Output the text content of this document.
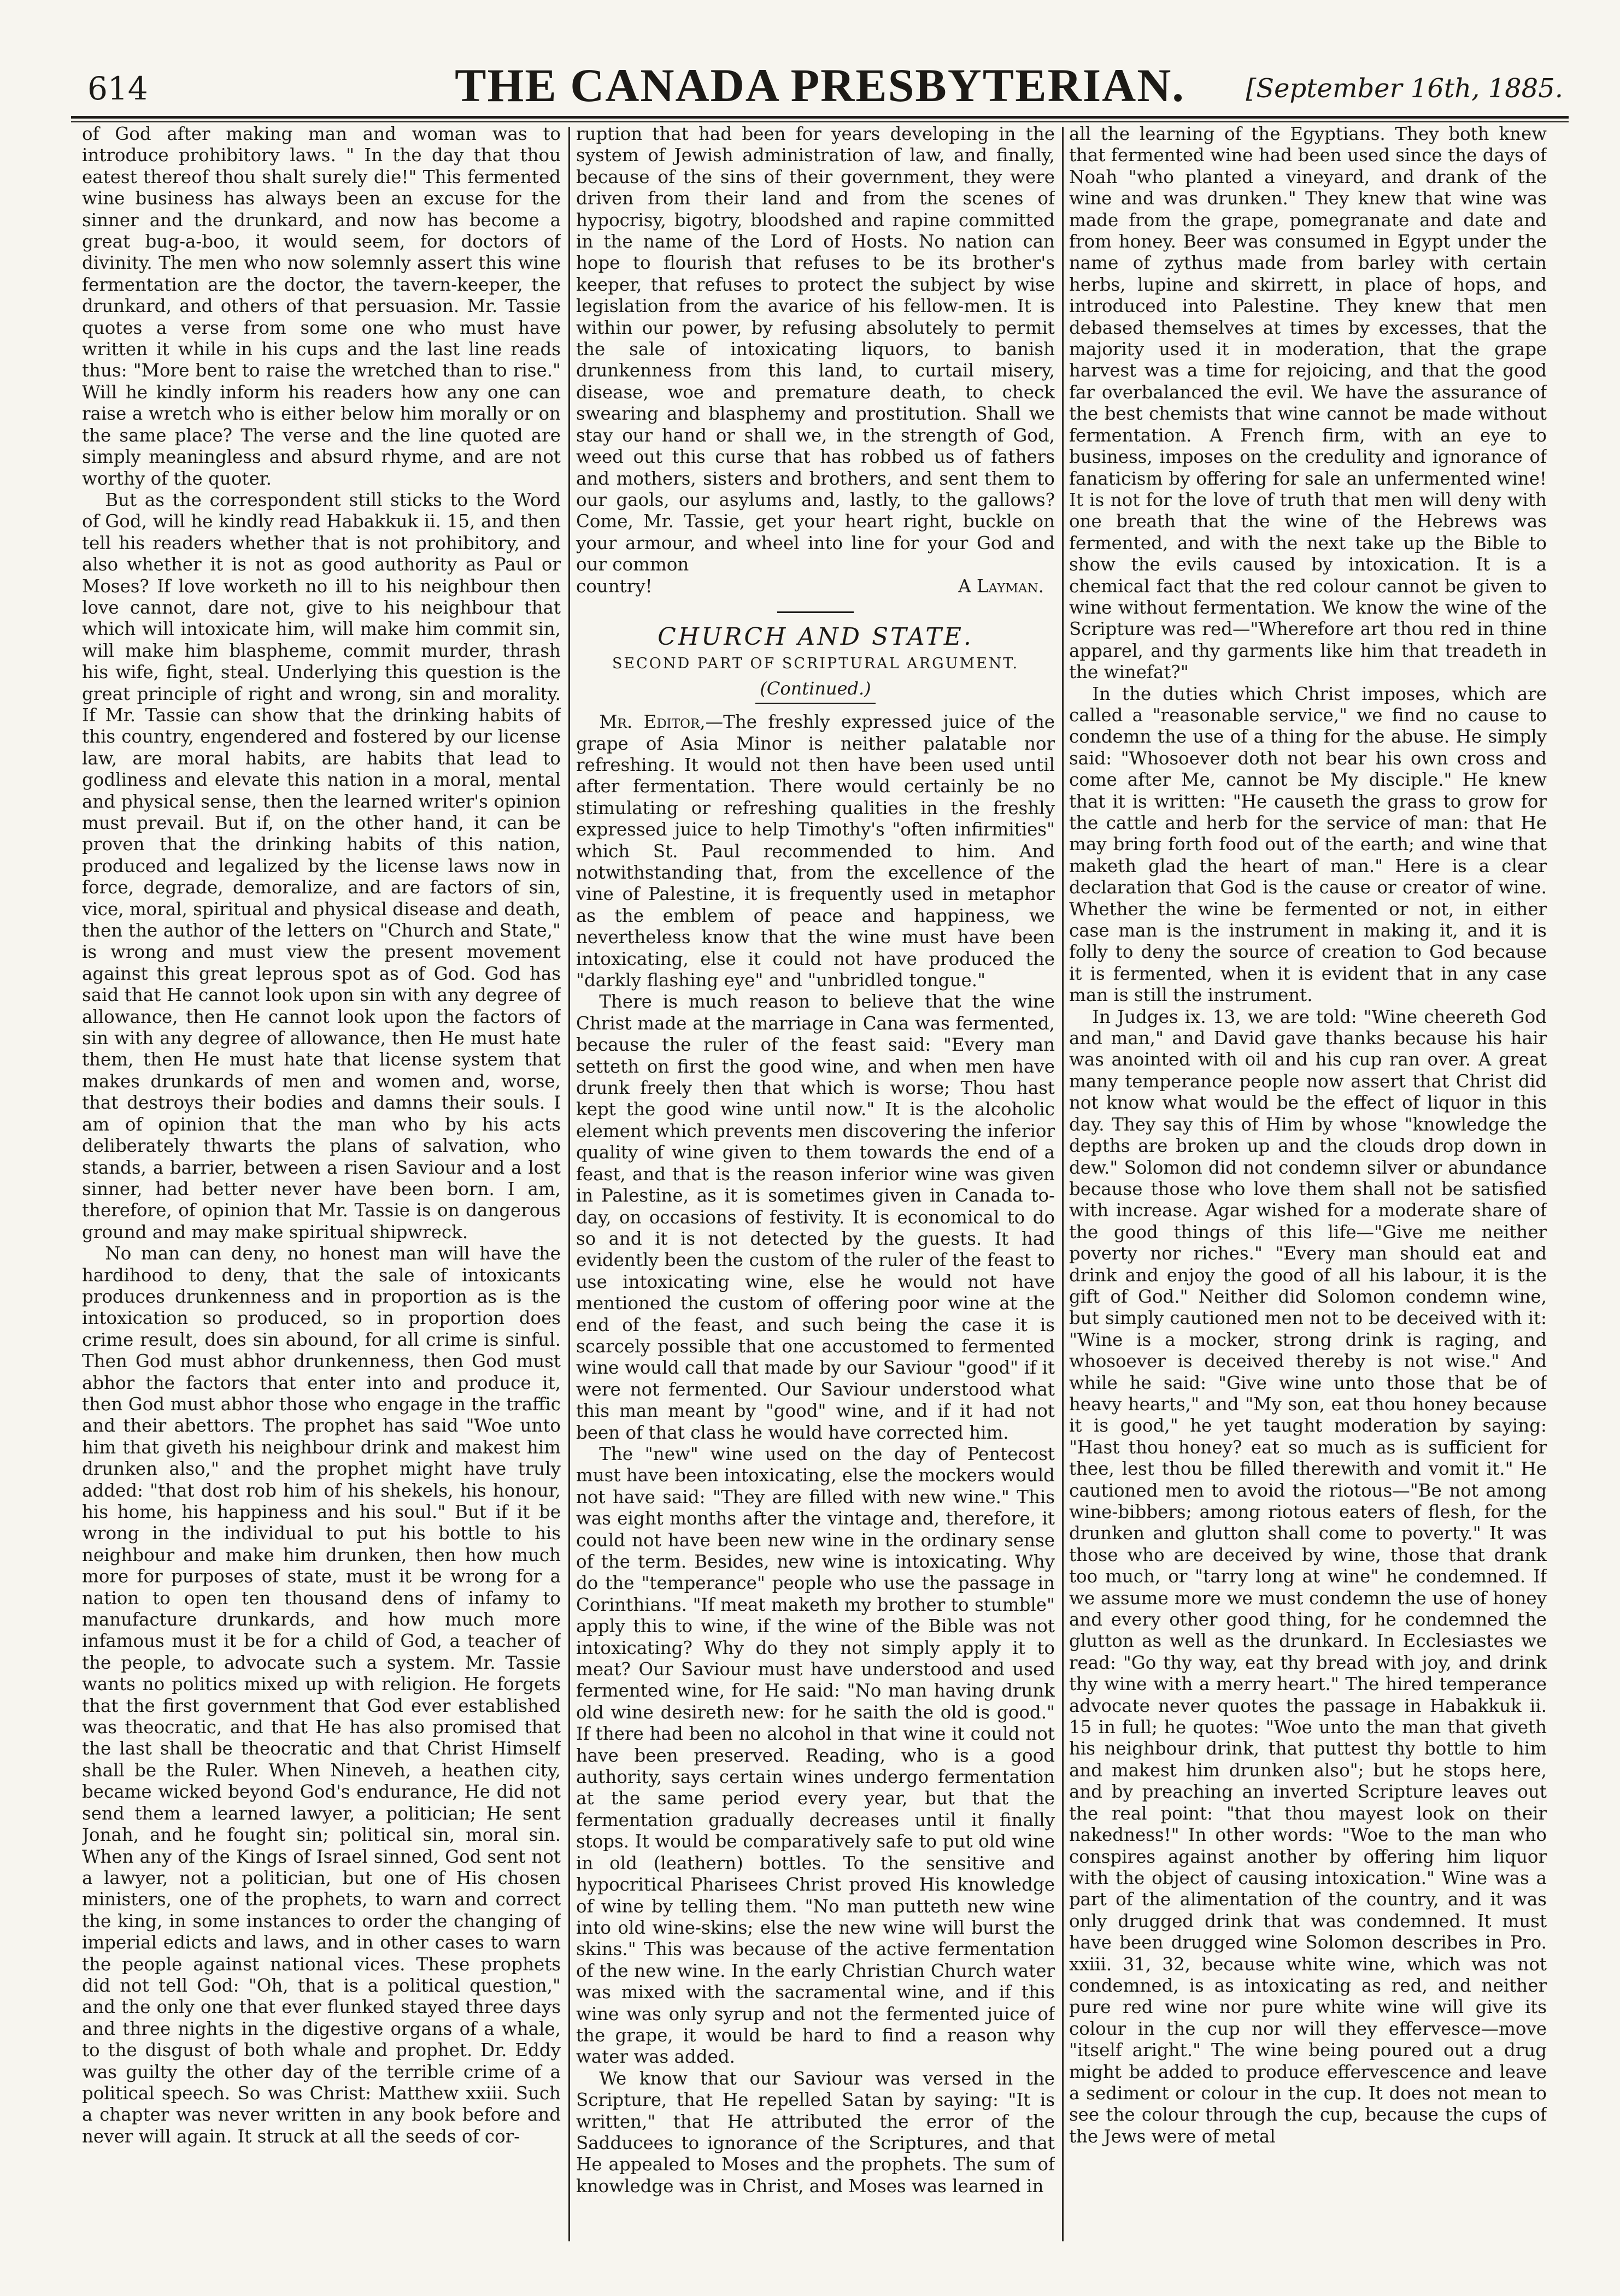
614	THE CANADA PRESBYTERIAN.	[September 16th, 1885.

of God after making man and woman was to introduce prohibitory laws. " In the day that thou eatest thereof thou shalt surely die!" This fermented wine business has always been an excuse for the sinner and the drunkard, and now has become a great bug-a-boo, it would seem, for doctors of divinity. The men who now solemnly assert this wine fermentation are the doctor, the tavern-keeper, the drunkard, and others of that persuasion. Mr. Tassie quotes a verse from some one who must have written it while in his cups and the last line reads thus: "More bent to raise the wretched than to rise." Will he kindly inform his readers how any one can raise a wretch who is either below him morally or on the same place? The verse and the line quoted are simply meaningless and absurd rhyme, and are not worthy of the quoter.

But as the correspondent still sticks to the Word of God, will he kindly read Habakkuk ii. 15, and then tell his readers whether that is not prohibitory, and also whether it is not as good authority as Paul or Moses? If love worketh no ill to his neighbour then love cannot, dare not, give to his neighbour that which will intoxicate him, will make him commit sin, will make him blaspheme, commit murder, thrash his wife, fight, steal. Underlying this question is the great principle of right and wrong, sin and morality. If Mr. Tassie can show that the drinking habits of this country, engendered and fostered by our license law, are moral habits, are habits that lead to godliness and elevate this nation in a moral, mental and physical sense, then the learned writer's opinion must prevail. But if, on the other hand, it can be proven that the drinking habits of this nation, produced and legalized by the license laws now in force, degrade, demoralize, and are factors of sin, vice, moral, spiritual and physical disease and death, then the author of the letters on "Church and State," is wrong and must view the present movement against this great leprous spot as of God. God has said that He cannot look upon sin with any degree of allowance, then He cannot look upon the factors of sin with any degree of allowance, then He must hate them, then He must hate that license system that makes drunkards of men and women and, worse, that destroys their bodies and damns their souls. I am of opinion that the man who by his acts deliberately thwarts the plans of salvation, who stands, a barrier, between a risen Saviour and a lost sinner, had better never have been born. I am, therefore, of opinion that Mr. Tassie is on dangerous ground and may make spiritual shipwreck.

No man can deny, no honest man will have the hardihood to deny, that the sale of intoxicants produces drunkenness and in proportion as is the intoxication so produced, so in proportion does crime result, does sin abound, for all crime is sinful. Then God must abhor drunkenness, then God must abhor the factors that enter into and produce it, then God must abhor those who engage in the traffic and their abettors. The prophet has said "Woe unto him that giveth his neighbour drink and makest him drunken also," and the prophet might have truly added: "that dost rob him of his shekels, his honour, his home, his happiness and his soul." But if it be wrong in the individual to put his bottle to his neighbour and make him drunken, then how much more for purposes of state, must it be wrong for a nation to open ten thousand dens of infamy to manufacture drunkards, and how much more infamous must it be for a child of God, a teacher of the people, to advocate such a system. Mr. Tassie wants no politics mixed up with religion. He forgets that the first government that God ever established was theocratic, and that He has also promised that the last shall be theocratic and that Christ Himself shall be the Ruler. When Nineveh, a heathen city, became wicked beyond God's endurance, He did not send them a learned lawyer, a politician; He sent Jonah, and he fought sin; political sin, moral sin. When any of the Kings of Israel sinned, God sent not a lawyer, not a politician, but one of His chosen ministers, one of the prophets, to warn and correct the king, in some instances to order the changing of imperial edicts and laws, and in other cases to warn the people against national vices. These prophets did not tell God: "Oh, that is a political question," and the only one that ever flunked stayed three days and three nights in the digestive organs of a whale, to the disgust of both whale and prophet. Dr. Eddy was guilty the other day of the terrible crime of a political speech. So was Christ: Matthew xxiii. Such a chapter was never written in any book before and never will again. It struck at all the seeds of cor-

ruption that had been for years developing in the system of Jewish administration of law, and finally, because of the sins of their government, they were driven from their land and from the scenes of hypocrisy, bigotry, bloodshed and rapine committed in the name of the Lord of Hosts. No nation can hope to flourish that refuses to be its brother's keeper, that refuses to protect the subject by wise legislation from the avarice of his fellow-men. It is within our power, by refusing absolutely to permit the sale of intoxicating liquors, to banish drunkenness from this land, to curtail misery, disease, woe and premature death, to check swearing and blasphemy and prostitution. Shall we stay our hand or shall we, in the strength of God, weed out this curse that has robbed us of fathers and mothers, sisters and brothers, and sent them to our gaols, our asylums and, lastly, to the gallows? Come, Mr. Tassie, get your heart right, buckle on your armour, and wheel into line for your God and our common

country!	A Layman.
CHURCH AND STATE.
SECOND PART OF SCRIPTURAL ARGUMENT.
(Continued.)

Mr. Editor,—The freshly expressed juice of the grape of Asia Minor is neither palatable nor refreshing. It would not then have been used until after fermentation. There would certainly be no stimulating or refreshing qualities in the freshly expressed juice to help Timothy's "often infirmities" which St. Paul recommended to him. And notwithstanding that, from the excellence of the vine of Palestine, it is frequently used in metaphor as the emblem of peace and happiness, we nevertheless know that the wine must have been intoxicating, else it could not have produced the "darkly flashing eye" and "unbridled tongue."

There is much reason to believe that the wine Christ made at the marriage in Cana was fermented, because the ruler of the feast said: "Every man setteth on first the good wine, and when men have drunk freely then that which is worse; Thou hast kept the good wine until now." It is the alcoholic element which prevents men discovering the inferior quality of wine given to them towards the end of a feast, and that is the reason inferior wine was given in Palestine, as it is sometimes given in Canada to-day, on occasions of festivity. It is economical to do so and it is not detected by the guests. It had evidently been the custom of the ruler of the feast to use intoxicating wine, else he would not have mentioned the custom of offering poor wine at the end of the feast, and such being the case it is scarcely possible that one accustomed to fermented wine would call that made by our Saviour "good" if it were not fermented. Our Saviour understood what this man meant by "good" wine, and if it had not been of that class he would have corrected him.

The "new" wine used on the day of Pentecost must have been intoxicating, else the mockers would not have said: "They are filled with new wine." This was eight months after the vintage and, therefore, it could not have been new wine in the ordinary sense of the term. Besides, new wine is intoxicating. Why do the "temperance" people who use the passage in Corinthians. "If meat maketh my brother to stumble" apply this to wine, if the wine of the Bible was not intoxicating? Why do they not simply apply it to meat? Our Saviour must have understood and used fermented wine, for He said: "No man having drunk old wine desireth new: for he saith the old is good." If there had been no alcohol in that wine it could not have been preserved. Reading, who is a good authority, says certain wines undergo fermentation at the same period every year, but that the fermentation gradually decreases until it finally stops. It would be comparatively safe to put old wine in old (leathern) bottles. To the sensitive and hypocritical Pharisees Christ proved His knowledge of wine by telling them. "No man putteth new wine into old wine-skins; else the new wine will burst the skins." This was because of the active fermentation of the new wine. In the early Christian Church water was mixed with the sacramental wine, and if this wine was only syrup and not the fermented juice of the grape, it would be hard to find a reason why water was added.

We know that our Saviour was versed in the Scripture, that He repelled Satan by saying: "It is written," that He attributed the error of the Sadducees to ignorance of the Scriptures, and that He appealed to Moses and the prophets. The sum of knowledge was in Christ, and Moses was learned in

all the learning of the Egyptians. They both knew that fermented wine had been used since the days of Noah "who planted a vineyard, and drank of the wine and was drunken." They knew that wine was made from the grape, pomegranate and date and from honey. Beer was consumed in Egypt under the name of zythus made from barley with certain herbs, lupine and skirrett, in place of hops, and introduced into Palestine. They knew that men debased themselves at times by excesses, that the majority used it in moderation, that the grape harvest was a time for rejoicing, and that the good far overbalanced the evil. We have the assurance of the best chemists that wine cannot be made without fermentation. A French firm, with an eye to business, imposes on the credulity and ignorance of fanaticism by offering for sale an unfermented wine! It is not for the love of truth that men will deny with one breath that the wine of the Hebrews was fermented, and with the next take up the Bible to show the evils caused by intoxication. It is a chemical fact that the red colour cannot be given to wine without fermentation. We know the wine of the Scripture was red—"Wherefore art thou red in thine apparel, and thy garments like him that treadeth in the winefat?"

In the duties which Christ imposes, which are called a "reasonable service," we find no cause to condemn the use of a thing for the abuse. He simply said: "Whosoever doth not bear his own cross and come after Me, cannot be My disciple." He knew that it is written: "He causeth the grass to grow for the cattle and herb for the service of man: that He may bring forth food out of the earth; and wine that maketh glad the heart of man." Here is a clear declaration that God is the cause or creator of wine. Whether the wine be fermented or not, in either case man is the instrument in making it, and it is folly to deny the source of creation to God because it is fermented, when it is evident that in any case man is still the instrument.

In Judges ix. 13, we are told: "Wine cheereth God and man," and David gave thanks because his hair was anointed with oil and his cup ran over. A great many temperance people now assert that Christ did not know what would be the effect of liquor in this day. They say this of Him by whose "knowledge the depths are broken up and the clouds drop down in dew." Solomon did not condemn silver or abundance because those who love them shall not be satisfied with increase. Agar wished for a moderate share of the good things of this life—"Give me neither poverty nor riches." "Every man should eat and drink and enjoy the good of all his labour, it is the gift of God." Neither did Solomon condemn wine, but simply cautioned men not to be deceived with it: "Wine is a mocker, strong drink is raging, and whosoever is deceived thereby is not wise." And while he said: "Give wine unto those that be of heavy hearts," and "My son, eat thou honey because it is good," he yet taught moderation by saying: "Hast thou honey? eat so much as is sufficient for thee, lest thou be filled therewith and vomit it." He cautioned men to avoid the riotous—"Be not among wine-bibbers; among riotous eaters of flesh, for the drunken and glutton shall come to poverty." It was those who are deceived by wine, those that drank too much, or "tarry long at wine" he condemned. If we assume more we must condemn the use of honey and every other good thing, for he condemned the glutton as well as the drunkard. In Ecclesiastes we read: "Go thy way, eat thy bread with joy, and drink thy wine with a merry heart." The hired temperance advocate never quotes the passage in Habakkuk ii. 15 in full; he quotes: "Woe unto the man that giveth his neighbour drink, that puttest thy bottle to him and makest him drunken also"; but he stops here, and by preaching an inverted Scripture leaves out the real point: "that thou mayest look on their nakedness!" In other words: "Woe to the man who conspires against another by offering him liquor with the object of causing intoxication." Wine was a part of the alimentation of the country, and it was only drugged drink that was condemned. It must have been drugged wine Solomon describes in Pro. xxiii. 31, 32, because white wine, which was not condemned, is as intoxicating as red, and neither pure red wine nor pure white wine will give its colour in the cup nor will they effervesce—move "itself aright." The wine being poured out a drug might be added to produce effervescence and leave a sediment or colour in the cup. It does not mean to see the colour through the cup, because the cups of the Jews were of metal
